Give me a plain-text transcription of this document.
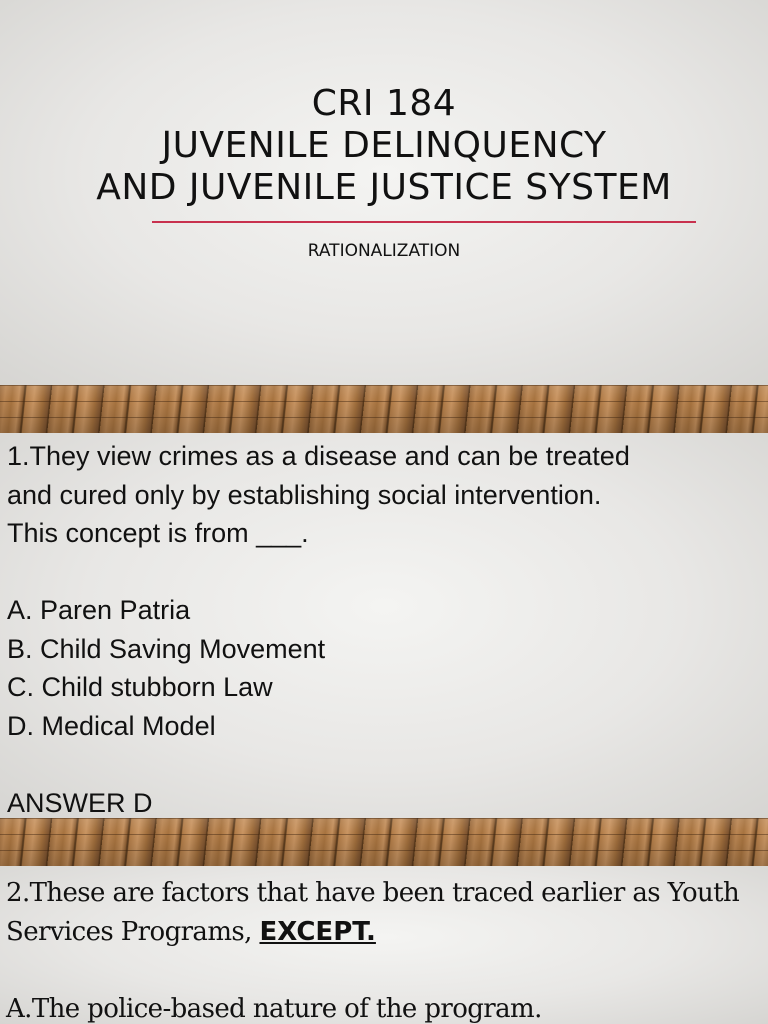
CRI 184
JUVENILE DELINQUENCY
AND JUVENILE JUSTICE SYSTEM

RATIONALIZATION

1.They view crimes as a disease and can be treated

and cured only by establishing social intervention.

This concept is from ___.

A. Paren Patria

B. Child Saving Movement

C. Child stubborn Law

D. Medical Model

ANSWER D

2.These are factors that have been traced earlier as Youth

Services Programs, EXCEPT.

A.The police-based nature of the program.
